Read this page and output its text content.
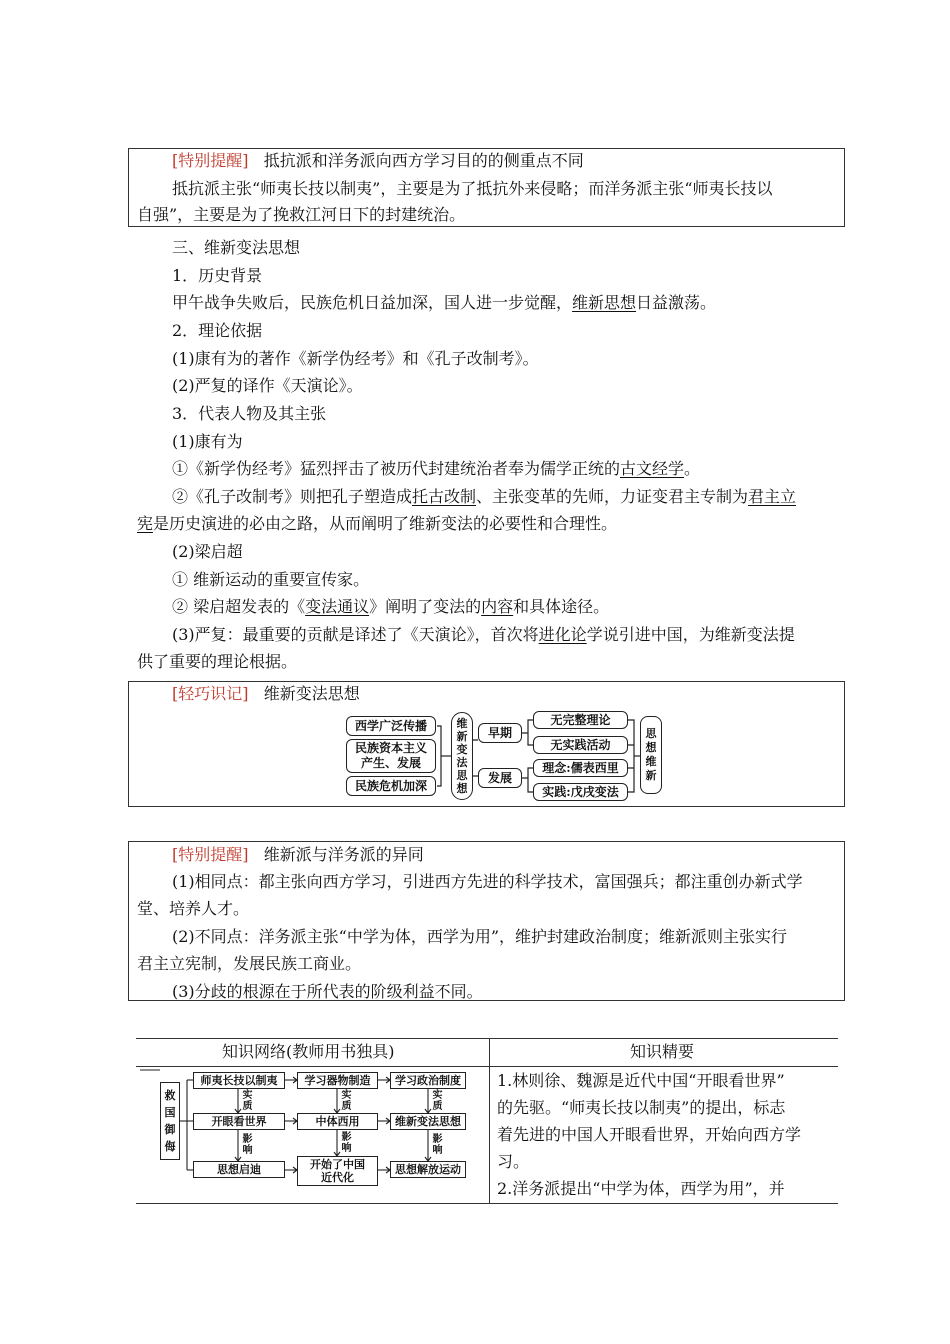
[特别提醒] 抵抗派和洋务派向西方学习目的的侧重点不同
抵抗派主张“师夷长技以制夷”，主要是为了抵抗外来侵略；而洋务派主张“师夷长技以
自强”，主要是为了挽救江河日下的封建统治。
三、维新变法思想
1．历史背景
甲午战争失败后，民族危机日益加深，国人进一步觉醒，维新思想日益激荡。
2．理论依据
(1)康有为的著作《新学伪经考》和《孔子改制考》。
(2)严复的译作《天演论》。
3．代表人物及其主张
(1)康有为
①《新学伪经考》猛烈抨击了被历代封建统治者奉为儒学正统的古文经学。
②《孔子改制考》则把孔子塑造成托古改制、主张变革的先师，力证变君主专制为君主立
宪是历史演进的必由之路，从而阐明了维新变法的必要性和合理性。
(2)梁启超
① 维新运动的重要宣传家。
② 梁启超发表的《变法通议》阐明了变法的内容和具体途径。
(3)严复：最重要的贡献是译述了《天演论》，首次将进化论学说引进中国，为维新变法提
供了重要的理论根据。
[轻巧识记] 维新变法思想
西学广泛传播
民族资本主义产生、发展
民族危机加深
维新变法思想
早期
发展
无完整理论
无实践活动
理念:儒表西里
实践:戊戌变法
思想维新
[特别提醒] 维新派与洋务派的异同
(1)相同点：都主张向西方学习，引进西方先进的科学技术，富国强兵；都注重创办新式学
堂、培养人才。
(2)不同点：洋务派主张“中学为体，西学为用”，维护封建政治制度；维新派则主张实行
君主立宪制，发展民族工商业。
(3)分歧的根源在于所代表的阶级利益不同。
知识网络(教师用书独具)	知识精要
救国御侮
师夷长技以制夷	学习器物制造	学习政治制度
开眼看世界	中体西用	维新变法思想
思想启迪	开始了中国近代化
思想解放运动
实质
实质
实质
影响
影响
影响
1.林则徐、魏源是近代中国“开眼看世界”
的先驱。“师夷长技以制夷”的提出，标志
着先进的中国人开眼看世界，开始向西方学
习。
2.洋务派提出“中学为体，西学为用”，并
